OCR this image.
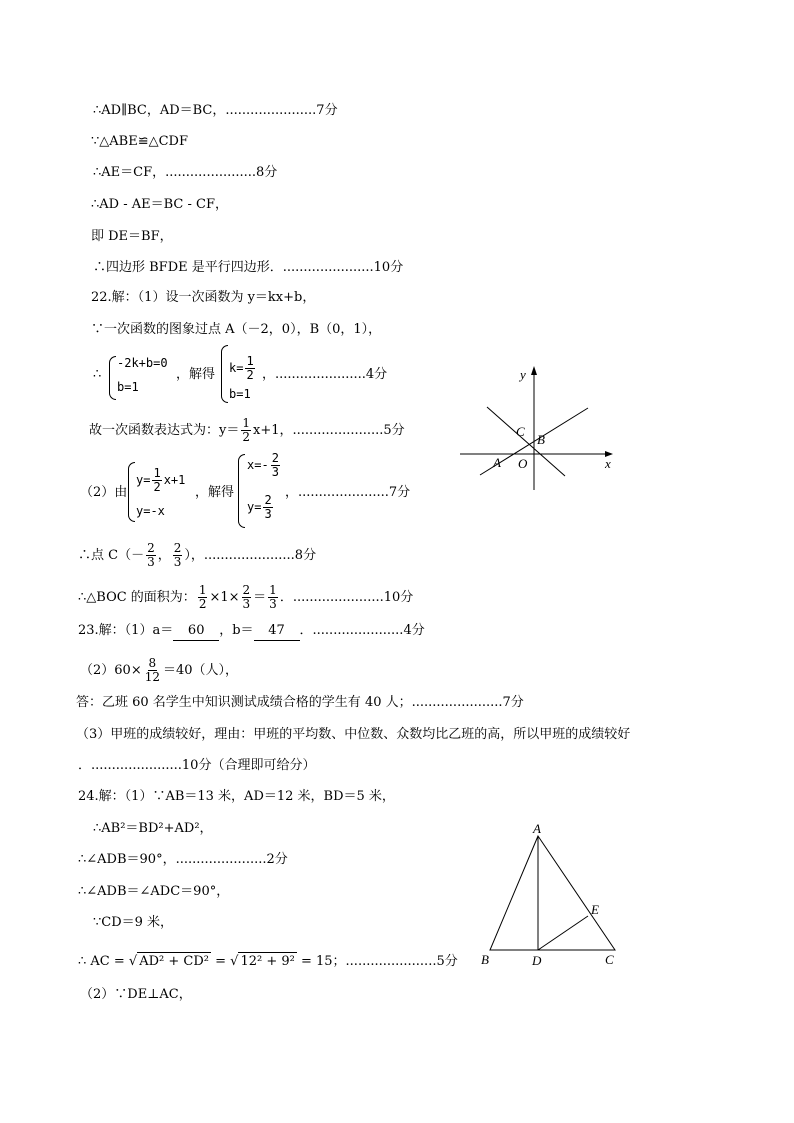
∴AD∥BC，AD＝BC，......................7分
∵△ABE≌△CDF
∴AE＝CF，......................8分
∴AD - AE＝BC - CF，
即 DE＝BF，
∴四边形 BFDE 是平行四边形．......................10分
22.解：（1）设一次函数为 y＝kx+b，
∵一次函数的图象过点 A（－2，0），B（0，1），
∴
-2k+b=0
b=1
，解得 $k= \frac{1}{2}$
b=1
，......................4分
故一次函数表达式为：$y= \frac{1}{2} x+1$，......................5分
（2）由
$y= \frac{1}{2} x+1$
y=-x
，解得
$x=- \frac{2}{3}$
$y= \frac{2}{3}$
，......................7分
∴点 $C(- \frac{2}{3}$ ， $\frac{2}{3}$ ），......................8分
∴△BOC 的面积为： $\frac{1}{2} \times 1\times \frac{2}{3} = \frac{1}{3}$ ．......................10分
23.解：（1）a＝ 60 ，b＝ 47 ．......................4分
$(2)60\times \frac{8}{12} =40$（人），
答：乙班 60 名学生中知识测试成绩合格的学生有 40 人；......................7分
（3）甲班的成绩较好，理由：甲班的平均数、中位数、众数均比乙班的高，所以甲班的成绩较好
．......................10分（合理即可给分）
24.解：（1）∵AB＝13 米，AD＝12 米，BD＝5 米，
∴AB²＝BD²+AD²，
∴∠ADB＝90°，......................2分
∴∠ADB＝∠ADC＝90°，
∵CD＝9 米，
∴ AC = √ AD² + CD² = √ 12² + 9² = 15；......................5分
（2）∵DE⊥AC，
y
x
A O
B
C
A
B	D	C
E
